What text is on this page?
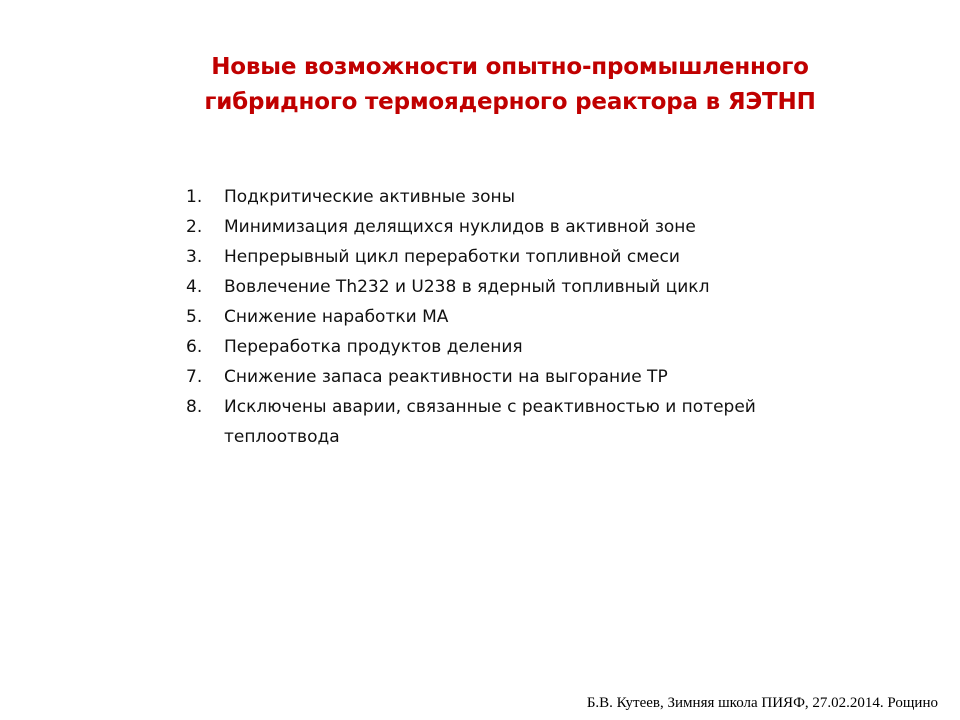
Новые возможности опытно-промышленного
гибридного термоядерного реактора в ЯЭТНП
1.	Подкритические активные зоны
2.	Минимизация делящихся нуклидов в активной зоне
3.	Непрерывный цикл переработки топливной смеси
4.	Вовлечение Th232 и U238 в ядерный топливный цикл
5.	Снижение наработки МА
6.	Переработка продуктов деления
7.	Снижение запаса реактивности на выгорание ТР
8.	Исключены аварии, связанные с реактивностью и потерей теплоотвода
Б.В. Кутеев, Зимняя школа ПИЯФ, 27.02.2014. Рощино
